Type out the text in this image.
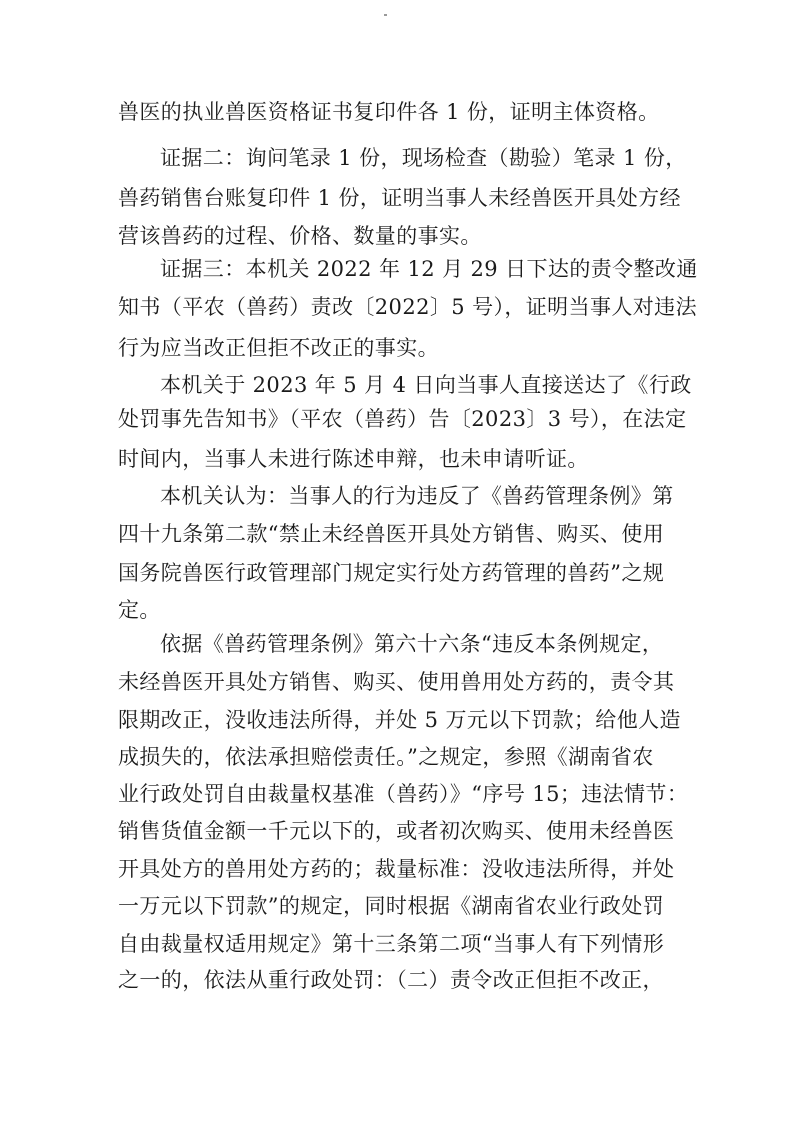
兽医的执业兽医资格证书复印件各 1 份，证明主体资格。
证据二：询问笔录 1 份，现场检查（勘验）笔录 1 份，
兽药销售台账复印件 1 份，证明当事人未经兽医开具处方经
营该兽药的过程、价格、数量的事实。
证据三：本机关 2022 年 12 月 29 日下达的责令整改通
知书（平农（兽药）责改〔2022〕5 号），证明当事人对违法
行为应当改正但拒不改正的事实。
本机关于 2023 年 5 月 4 日向当事人直接送达了《行政
处罚事先告知书》（平农（兽药）告〔2023〕3 号），在法定
时间内，当事人未进行陈述申辩，也未申请听证。
本机关认为：当事人的行为违反了《兽药管理条例》第
四十九条第二款“禁止未经兽医开具处方销售、购买、使用
国务院兽医行政管理部门规定实行处方药管理的兽药”之规
定。
依据《兽药管理条例》第六十六条“违反本条例规定，
未经兽医开具处方销售、购买、使用兽用处方药的，责令其
限期改正，没收违法所得，并处 5 万元以下罚款；给他人造
成损失的，依法承担赔偿责任。”之规定，参照《湖南省农
业行政处罚自由裁量权基准（兽药）》“序号 15；违法情节：
销售货值金额一千元以下的，或者初次购买、使用未经兽医
开具处方的兽用处方药的；裁量标准：没收违法所得，并处
一万元以下罚款”的规定，同时根据《湖南省农业行政处罚
自由裁量权适用规定》第十三条第二项“当事人有下列情形
之一的，依法从重行政处罚：（二）责令改正但拒不改正，
